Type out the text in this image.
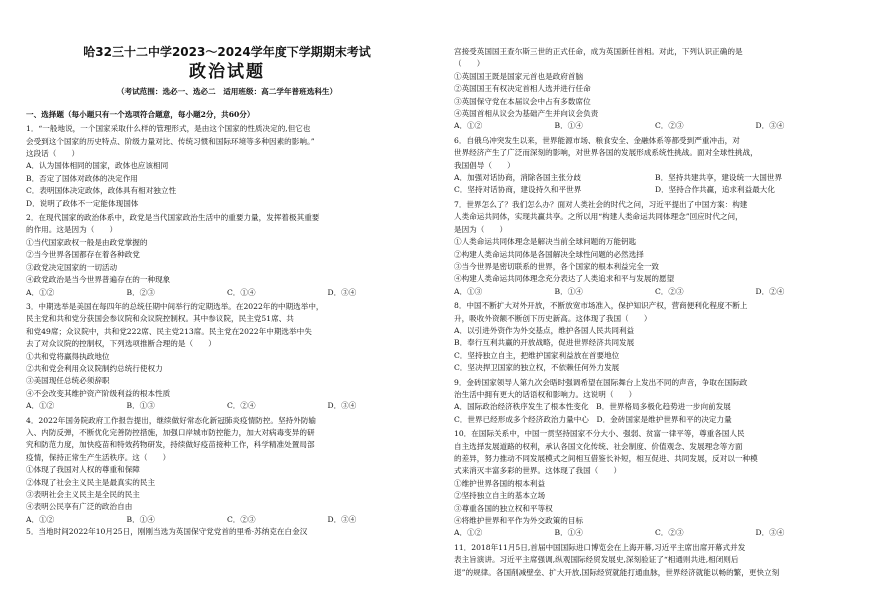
哈32三十二中学2023～2024学年度下学期期末考试
政治试题
（考试范围：选必一、选必二　适用班级：高二学年普班选科生）
一、选择题（每小题只有一个选项符合题意，每小题2分，共60分）
1．“一般地说，一个国家采取什么样的管理形式，是由这个国家的性质决定的,但它也
会受到这个国家的历史特点、阶级力量对比、传统习惯和国际环境等多种因素的影响。”
这段话（　　）
A．认为国体相同的国家，政体也应该相同
B．否定了国体对政体的决定作用
C．表明国体决定政体，政体具有相对独立性
D．说明了政体不一定能体现国体
2．在现代国家的政治体系中，政党是当代国家政治生活中的重要力量，发挥着极其重要
的作用。这是因为（　　）
①当代国家政权一般是由政党掌握的
②当今世界各国都存在着各种政党
③政党决定国家的一切活动
④政党政治是当今世界普遍存在的一种现象
A．①②	B．②③	C．①④	D．③④
3．中期选举是美国在每四年的总统任期中间举行的定期选举。在2022年的中期选举中，
民主党和共和党分获国会参议院和众议院控制权。其中参议院，民主党51席、共
和党49席；众议院中，共和党222席、民主党213席。民主党在2022年中期选举中失
去了对众议院的控制权，下列选项推断合理的是（　　）
①共和党将赢得执政地位
②共和党会利用众议院制约总统行使权力
③美国现任总统必须辞职
④不会改变其维护资产阶级利益的根本性质
A．①②	B．①③	C．②④	D．③④
4．2022年国务院政府工作报告提出，继续做好常态化新冠肺炎疫情防控。坚持外防输
入、内防反弹，不断优化完善防控措施，加强口岸城市防控能力，加大对病毒变异的研
究和防范力度，加快疫苗和特效药物研发，持续做好疫苗接种工作，科学精准处置局部
疫情，保持正常生产生活秩序。这（　　）
①体现了我国对人权的尊重和保障
②体现了社会主义民主是最真实的民主
③表明社会主义民主是全民的民主
④表明公民享有广泛的政治自由
A．①②	B．①④	C．②③	D．③④
5．当地时间2022年10月25日，刚刚当选为英国保守党党首的里希·苏纳克在白金汉
宫接受英国国王查尔斯三世的正式任命，成为英国新任首相。对此，下列认识正确的是
（　　）
①英国国王既是国家元首也是政府首脑
②英国国王有权决定首相人选并进行任命
③英国保守党在本届议会中占有多数席位
④英国首相从议会为基础产生并向议会负责
A．①②	B．①④	C．②③	D．③④
6．自俄乌冲突发生以来，世界能源市场、粮食安全、金融体系等都受到严重冲击，对
世界经济产生了广泛而深刻的影响，对世界各国的发展形成系统性挑战。面对全球性挑战，
我国倡导（　　）
A．加强对话协商，消除各国主张分歧	B．坚持共建共享，建设统一大国世界
C．坚持对话协商，建设持久和平世界	D．坚持合作共赢，追求利益最大化
7．世界怎么了？我们怎么办？面对人类社会的时代之问，习近平提出了中国方案：构建
人类命运共同体，实现共赢共享。之所以用“构建人类命运共同体理念”回应时代之问，
是因为（　　）
①人类命运共同体理念是解决当前全球问题的万能钥匙
②构建人类命运共同体是各国解决全球性问题的必然选择
③当今世界是密切联系的世界，各个国家的根本利益完全一致
④构建人类命运共同体理念充分表达了人类追求和平与发展的愿望
A．①③	B．①④	C．②③	D．②④
8．中国不断扩大对外开放，不断放宽市场准入，保护知识产权，营商便利化程度不断上
升，吸收外资额不断创下历史新高。这体现了我国（　　）
A．以引进外资作为外交基点，维护各国人民共同利益
B．奉行互利共赢的开放战略，促进世界经济共同发展
C．坚持独立自主，把维护国家利益放在首要地位
C．坚决捍卫国家的独立权，不依赖任何外力发展
9．金砖国家领导人第九次会晤时强调希望在国际舞台上发出不同的声音，争取在国际政
治生活中拥有更大的话语权和影响力。这说明（　　）
A．国际政治经济秩序发生了根本性变化　B．世界格局多极化趋势进一步向前发展
C．世界已经形成多个经济政治力量中心　D．金砖国家是维护世界和平的决定力量
10．在国际关系中，中国一贯坚持国家不分大小、强弱、贫富一律平等，尊重各国人民
自主选择发展道路的权利，承认各国文化传统、社会制度、价值观念、发展理念等方面
的差异，努力推动不同发展模式之间相互借鉴长补短，相互促进、共同发展，反对以一种模
式来消灭丰富多彩的世界。这体现了我国（　　）
①维护世界各国的根本利益
②坚持独立自主的基本立场
③尊重各国的独立权和平等权
④将维护世界和平作为外交政策的目标
A．①②	B．①④	C．②③	D．③④
11．2018年11月5日,首届中国国际进口博览会在上海开幕,习近平主席出席开幕式并发
表主旨演讲。习近平主席强调,纵观国际经贸发展史,深刻验证了“相通则共进,相闭则后
退”的规律。各国削减壁垒、扩大开放,国际经贸就能打通血脉，世界经济就能以畅的繁，更快立刻
